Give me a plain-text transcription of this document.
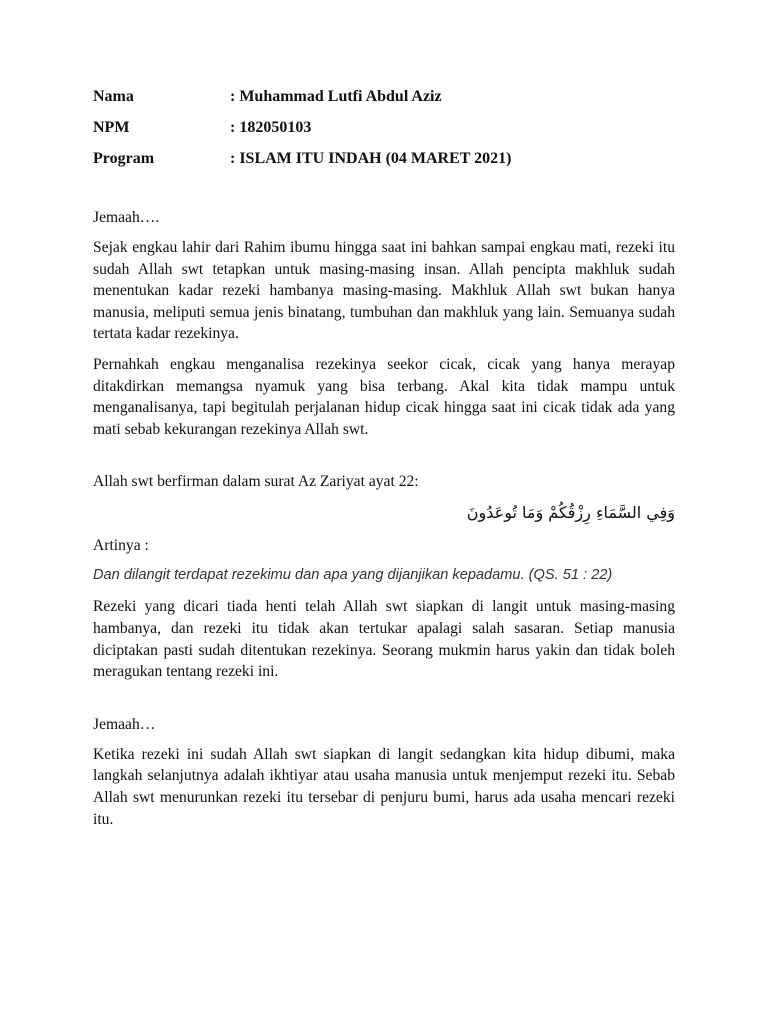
Nama	: Muhammad Lutfi Abdul Aziz
NPM	: 182050103
Program	: ISLAM ITU INDAH (04 MARET 2021)

Jemaah….

Sejak engkau lahir dari Rahim ibumu hingga saat ini bahkan sampai engkau mati, rezeki itu sudah Allah swt tetapkan untuk masing-masing insan. Allah pencipta makhluk sudah menentukan kadar rezeki hambanya masing-masing. Makhluk Allah swt bukan hanya manusia, meliputi semua jenis binatang, tumbuhan dan makhluk yang lain. Semuanya sudah tertata kadar rezekinya.

Pernahkah engkau menganalisa rezekinya seekor cicak, cicak yang hanya merayap ditakdirkan memangsa nyamuk yang bisa terbang. Akal kita tidak mampu untuk menganalisanya, tapi begitulah perjalanan hidup cicak hingga saat ini cicak tidak ada yang mati sebab kekurangan rezekinya Allah swt.

Allah swt berfirman dalam surat Az Zariyat ayat 22:

وَفِي السَّمَاءِ رِزْقُكُمْ وَمَا تُوعَدُونَ

Artinya :

Dan dilangit terdapat rezekimu dan apa yang dijanjikan kepadamu. (QS. 51 : 22)

Rezeki yang dicari tiada henti telah Allah swt siapkan di langit untuk masing-masing hambanya, dan rezeki itu tidak akan tertukar apalagi salah sasaran. Setiap manusia diciptakan pasti sudah ditentukan rezekinya. Seorang mukmin harus yakin dan tidak boleh meragukan tentang rezeki ini.

Jemaah…

Ketika rezeki ini sudah Allah swt siapkan di langit sedangkan kita hidup dibumi, maka langkah selanjutnya adalah ikhtiyar atau usaha manusia untuk menjemput rezeki itu. Sebab Allah swt menurunkan rezeki itu tersebar di penjuru bumi, harus ada usaha mencari rezeki itu.
